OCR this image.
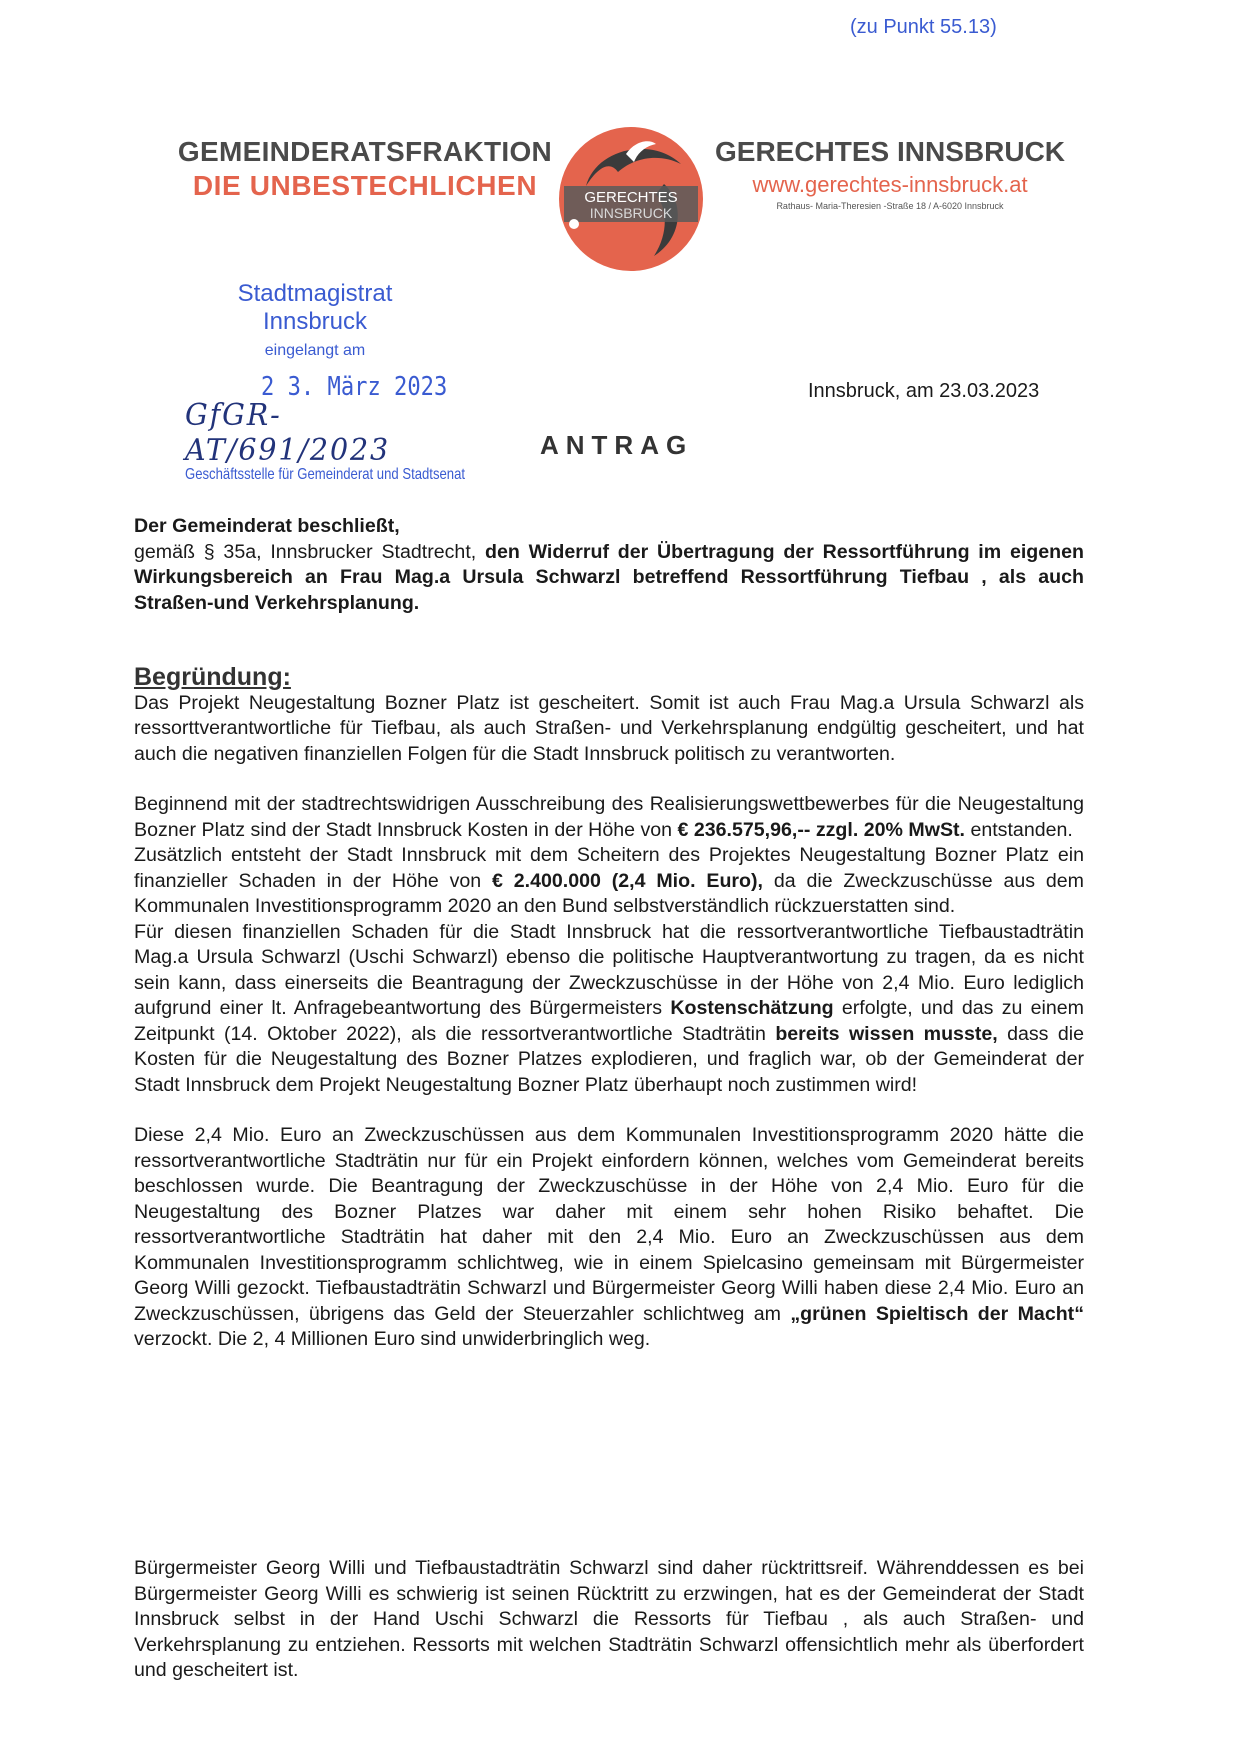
(zu Punkt 55.13)
GEMEINDERATSFRAKTION
DIE UNBESTECHLICHEN	GERECHTES
INNSBRUCK
GERECHTES INNSBRUCK
www.gerechtes-innsbruck.at
Rathaus- Maria-Theresien -Straße 18 / A-6020 Innsbruck
Stadtmagistrat Innsbruck
eingelangt am
2 3. März 2023
GfGR-AT/691/2023
Geschäftsstelle für Gemeinderat und Stadtsenat
Innsbruck, am 23.03.2023
ANTRAG

Der Gemeinderat beschließt,

gemäß § 35a, Innsbrucker Stadtrecht, den Widerruf der Übertragung der Ressortführung im eigenen Wirkungsbereich an Frau Mag.a Ursula Schwarzl betreffend Ressortführung Tiefbau , als auch Straßen-und Verkehrsplanung.

Begründung:

Das Projekt Neugestaltung Bozner Platz ist gescheitert. Somit ist auch Frau Mag.a Ursula Schwarzl als ressorttverantwortliche für Tiefbau, als auch Straßen- und Verkehrsplanung endgültig gescheitert, und hat auch die negativen finanziellen Folgen für die Stadt Innsbruck politisch zu verantworten.

Beginnend mit der stadtrechtswidrigen Ausschreibung des Realisierungswettbewerbes für die Neugestaltung Bozner Platz sind der Stadt Innsbruck Kosten in der Höhe von € 236.575,96,-- zzgl. 20% MwSt. entstanden.

Zusätzlich entsteht der Stadt Innsbruck mit dem Scheitern des Projektes Neugestaltung Bozner Platz ein finanzieller Schaden in der Höhe von € 2.400.000 (2,4 Mio. Euro), da die Zweckzuschüsse aus dem Kommunalen Investitionsprogramm 2020 an den Bund selbstverständlich rückzuerstatten sind.

Für diesen finanziellen Schaden für die Stadt Innsbruck hat die ressortverantwortliche Tiefbaustadträtin Mag.a Ursula Schwarzl (Uschi Schwarzl) ebenso die politische Hauptverantwortung zu tragen, da es nicht sein kann, dass einerseits die Beantragung der Zweckzuschüsse in der Höhe von 2,4 Mio. Euro lediglich aufgrund einer lt. Anfragebeantwortung des Bürgermeisters Kostenschätzung erfolgte, und das zu einem Zeitpunkt (14. Oktober 2022), als die ressortverantwortliche Stadträtin bereits wissen musste, dass die Kosten für die Neugestaltung des Bozner Platzes explodieren, und fraglich war, ob der Gemeinderat der Stadt Innsbruck dem Projekt Neugestaltung Bozner Platz überhaupt noch zustimmen wird!

Diese 2,4 Mio. Euro an Zweckzuschüssen aus dem Kommunalen Investitionsprogramm 2020 hätte die ressortverantwortliche Stadträtin nur für ein Projekt einfordern können, welches vom Gemeinderat bereits beschlossen wurde. Die Beantragung der Zweckzuschüsse in der Höhe von 2,4 Mio. Euro für die Neugestaltung des Bozner Platzes war daher mit einem sehr hohen Risiko behaftet. Die ressortverantwortliche Stadträtin hat daher mit den 2,4 Mio. Euro an Zweckzuschüssen aus dem Kommunalen Investitionsprogramm schlichtweg, wie in einem Spielcasino gemeinsam mit Bürgermeister Georg Willi gezockt. Tiefbaustadträtin Schwarzl und Bürgermeister Georg Willi haben diese 2,4 Mio. Euro an Zweckzuschüssen, übrigens das Geld der Steuerzahler schlichtweg am „grünen Spieltisch der Macht“ verzockt. Die 2, 4 Millionen Euro sind unwiderbringlich weg.

Bürgermeister Georg Willi und Tiefbaustadträtin Schwarzl sind daher rücktrittsreif. Währenddessen es bei Bürgermeister Georg Willi es schwierig ist seinen Rücktritt zu erzwingen, hat es der Gemeinderat der Stadt Innsbruck selbst in der Hand Uschi Schwarzl die Ressorts für Tiefbau , als auch Straßen- und Verkehrsplanung zu entziehen. Ressorts mit welchen Stadträtin Schwarzl offensichtlich mehr als überfordert und gescheitert ist.
